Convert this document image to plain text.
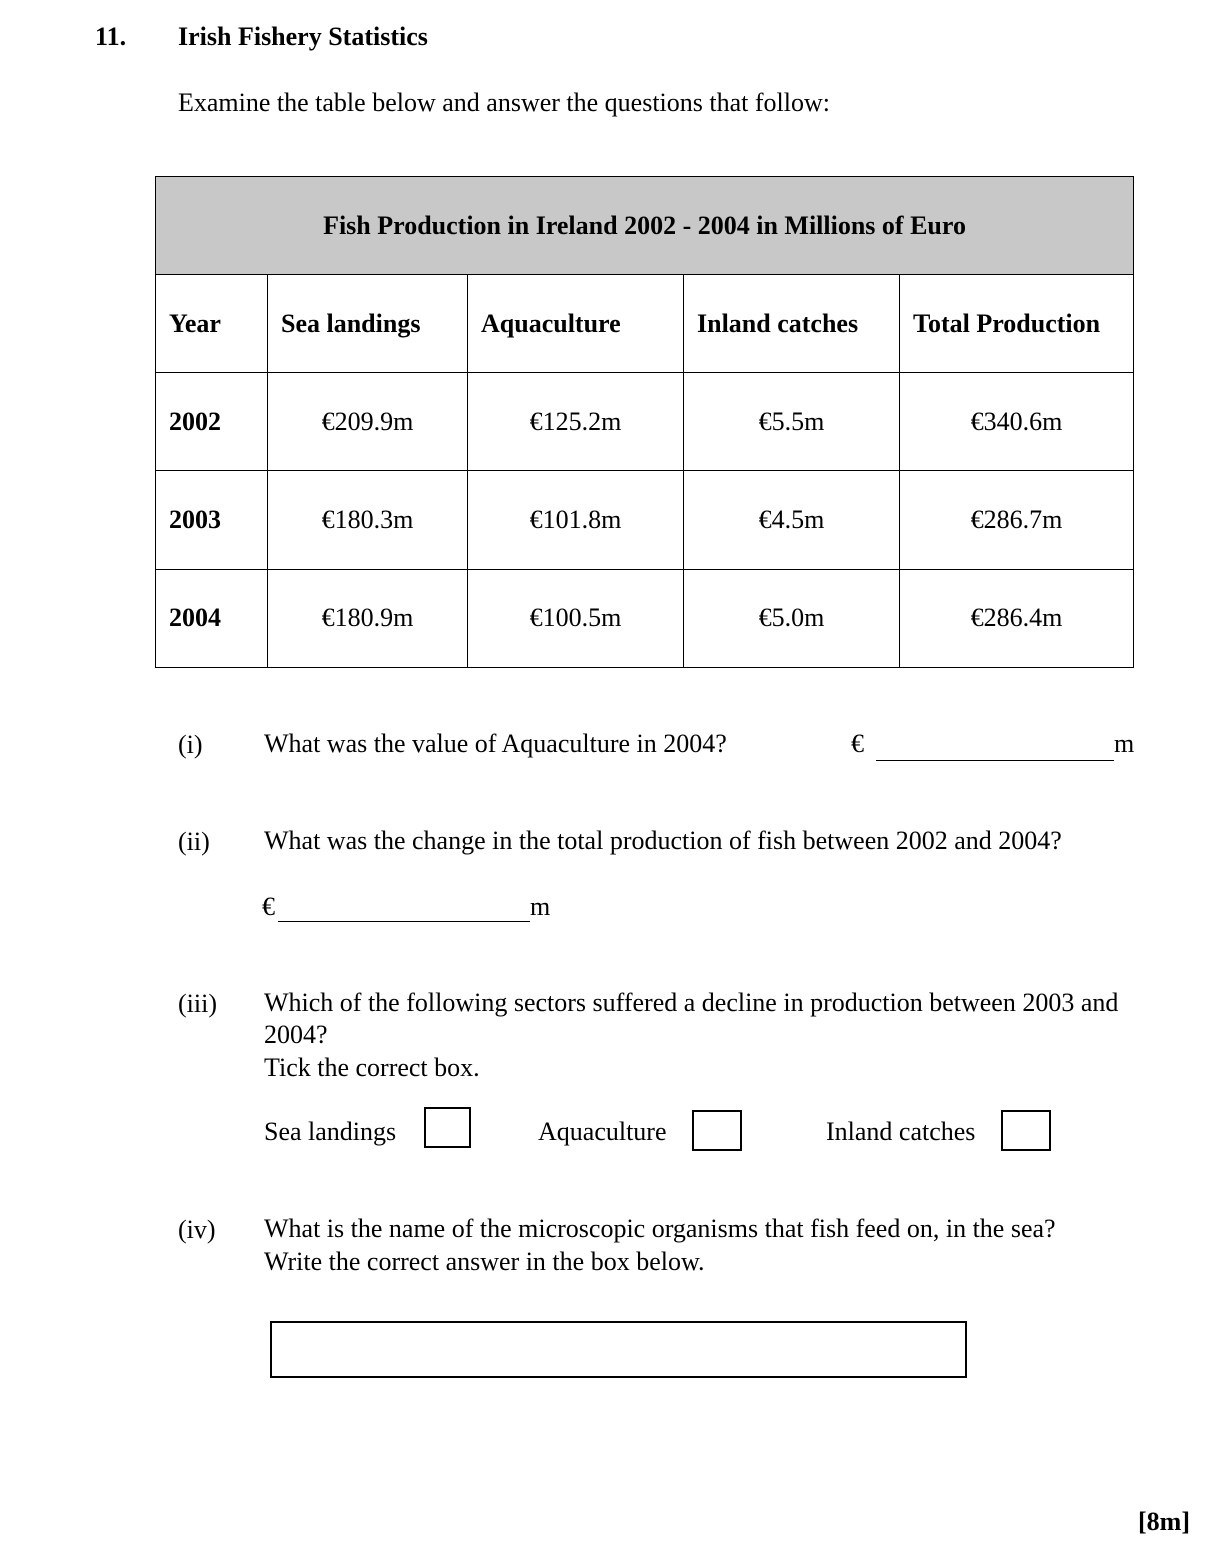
11. Irish Fishery Statistics
Examine the table below and answer the questions that follow:
Fish Production in Ireland 2002 - 2004 in Millions of Euro				
Year	Sea landings	Aquaculture	Inland catches	Total Production
2002	€209.9m	€125.2m	€5.5m	€340.6m
2003	€180.3m	€101.8m	€4.5m	€286.7m
2004	€180.9m	€100.5m	€5.0m	€286.4m
(i) What was the value of Aquaculture in 2004?	€	m
(ii) What was the change in the total production of fish between 2002 and 2004?
€	m
(iii) Which of the following sectors suffered a decline in production between 2003 and
2004?
Tick the correct box.
Sea landings	Aquaculture	Inland catches
(iv) What is the name of the microscopic organisms that fish feed on, in the sea?
Write the correct answer in the box below.
[8m]
